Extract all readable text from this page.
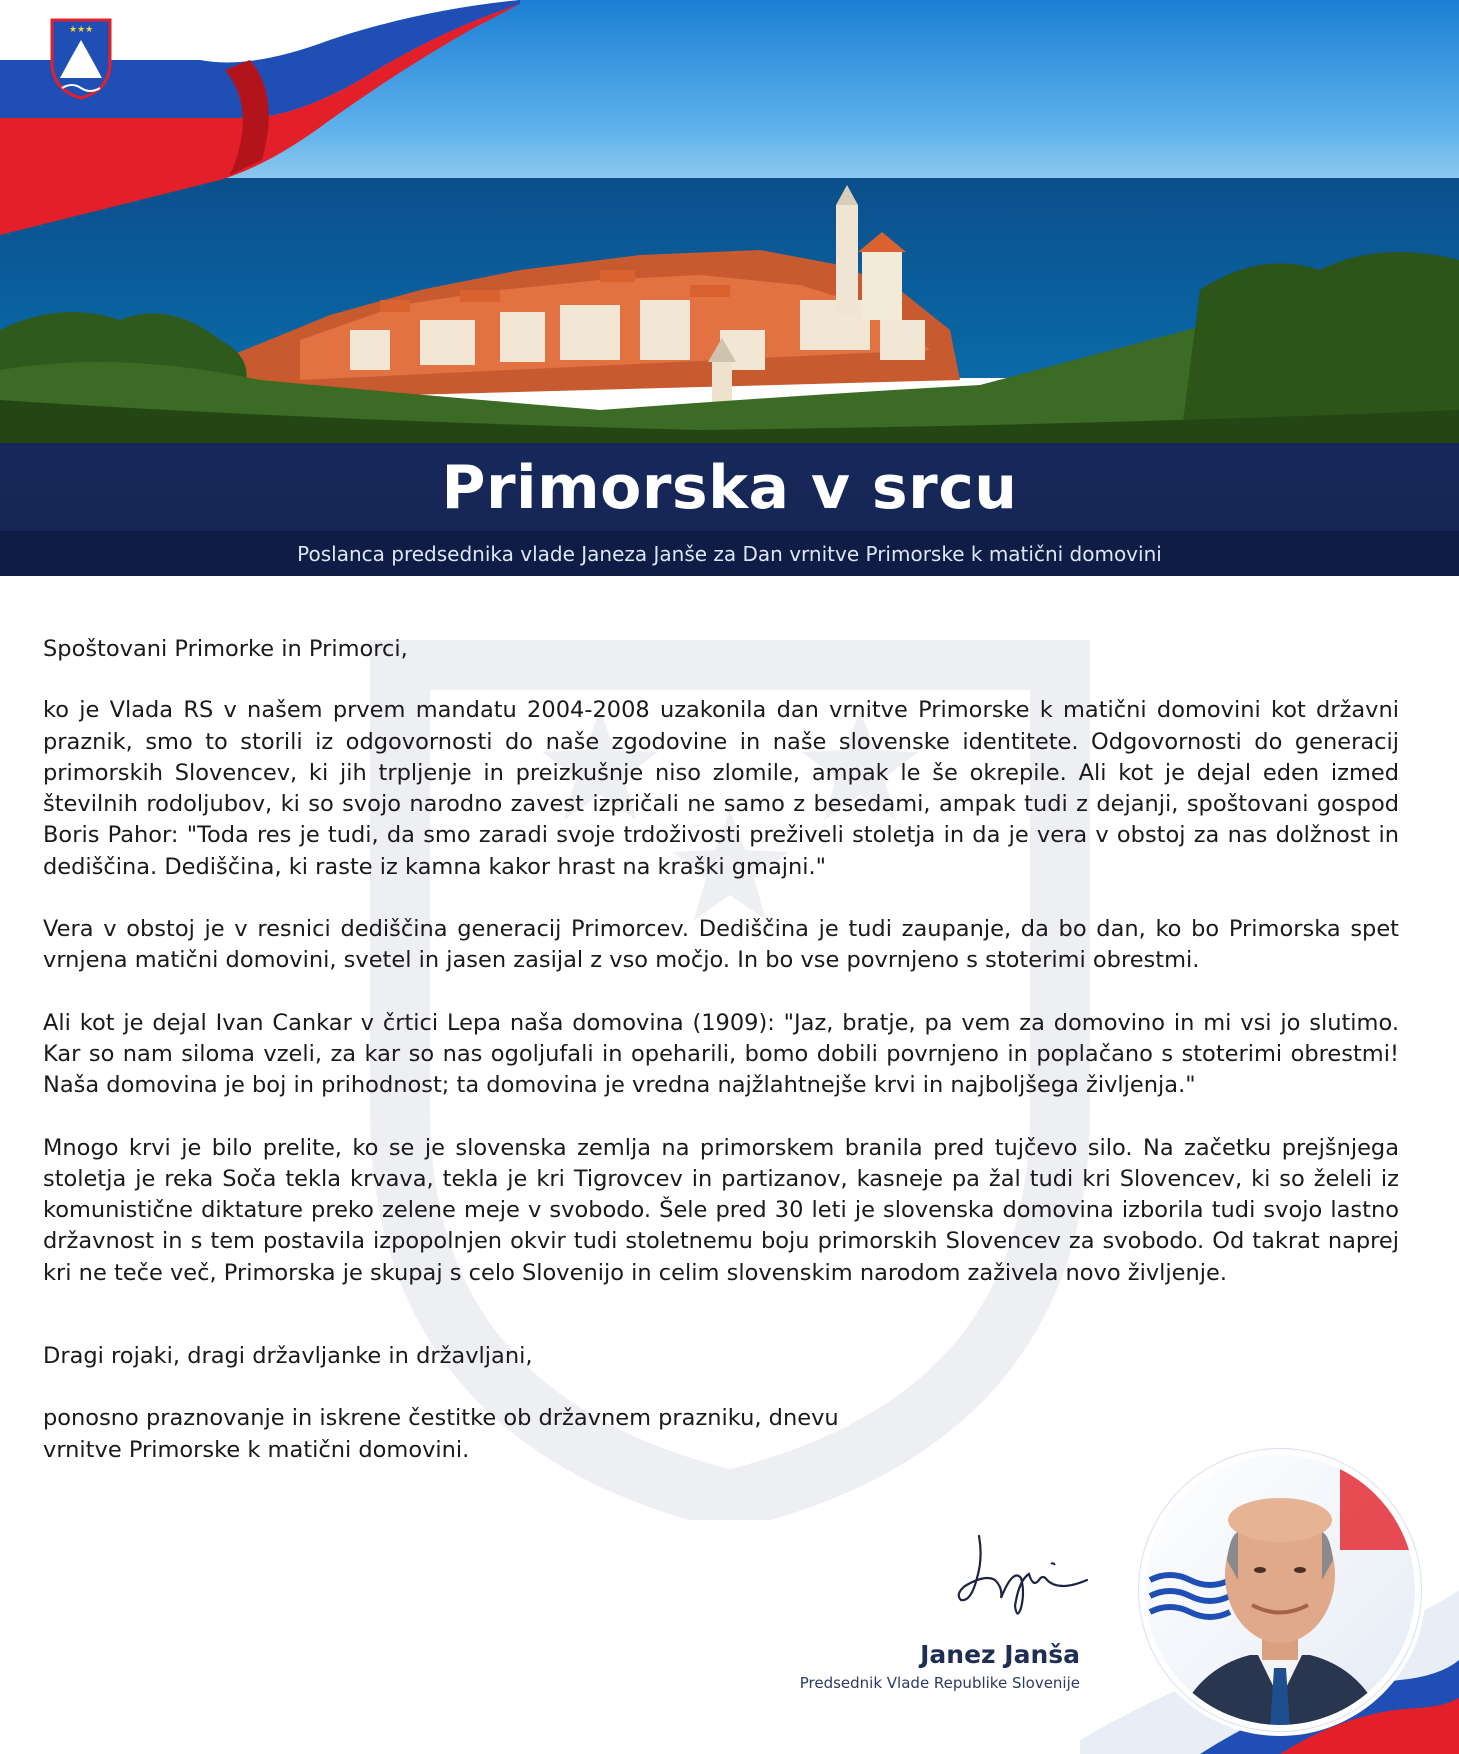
★★★
Primorska v srcu
Poslanca predsednika vlade Janeza Janše za Dan vrnitve Primorske k matični domovini

Spoštovani Primorke in Primorci,

ko je Vlada RS v našem prvem mandatu 2004-2008 uzakonila dan vrnitve Primorske k matični domovini kot državni praznik, smo to storili iz odgovornosti do naše zgodovine in naše slovenske identitete. Odgovornosti do generacij primorskih Slovencev, ki jih trpljenje in preizkušnje niso zlomile, ampak le še okrepile. Ali kot je dejal eden izmed številnih rodoljubov, ki so svojo narodno zavest izpričali ne samo z besedami, ampak tudi z dejanji, spoštovani gospod Boris Pahor: "Toda res je tudi, da smo zaradi svoje trdoživosti preživeli stoletja in da je vera v obstoj za nas dolžnost in dediščina. Dediščina, ki raste iz kamna kakor hrast na kraški gmajni."

Vera v obstoj je v resnici dediščina generacij Primorcev. Dediščina je tudi zaupanje, da bo dan, ko bo Primorska spet vrnjena matični domovini, svetel in jasen zasijal z vso močjo. In bo vse povrnjeno s stoterimi obrestmi.

Ali kot je dejal Ivan Cankar v črtici Lepa naša domovina (1909): "Jaz, bratje, pa vem za domovino in mi vsi jo slutimo. Kar so nam siloma vzeli, za kar so nas ogoljufali in opeharili, bomo dobili povrnjeno in poplačano s stoterimi obrestmi! Naša domovina je boj in prihodnost; ta domovina je vredna najžlahtnejše krvi in najboljšega življenja."

Mnogo krvi je bilo prelite, ko se je slovenska zemlja na primorskem branila pred tujčevo silo. Na začetku prejšnjega stoletja je reka Soča tekla krvava, tekla je kri Tigrovcev in partizanov, kasneje pa žal tudi kri Slovencev, ki so želeli iz komunistične diktature preko zelene meje v svobodo. Šele pred 30 leti je slovenska domovina izborila tudi svojo lastno državnost in s tem postavila izpopolnjen okvir tudi stoletnemu boju primorskih Slovencev za svobodo. Od takrat naprej kri ne teče več, Primorska je skupaj s celo Slovenijo in celim slovenskim narodom zaživela novo življenje.

Dragi rojaki, dragi državljanke in državljani,

ponosno praznovanje in iskrene čestitke ob državnem prazniku, dnevu vrnitve Primorske k matični domovini.

Janez Janša
Predsednik Vlade Republike Slovenije
